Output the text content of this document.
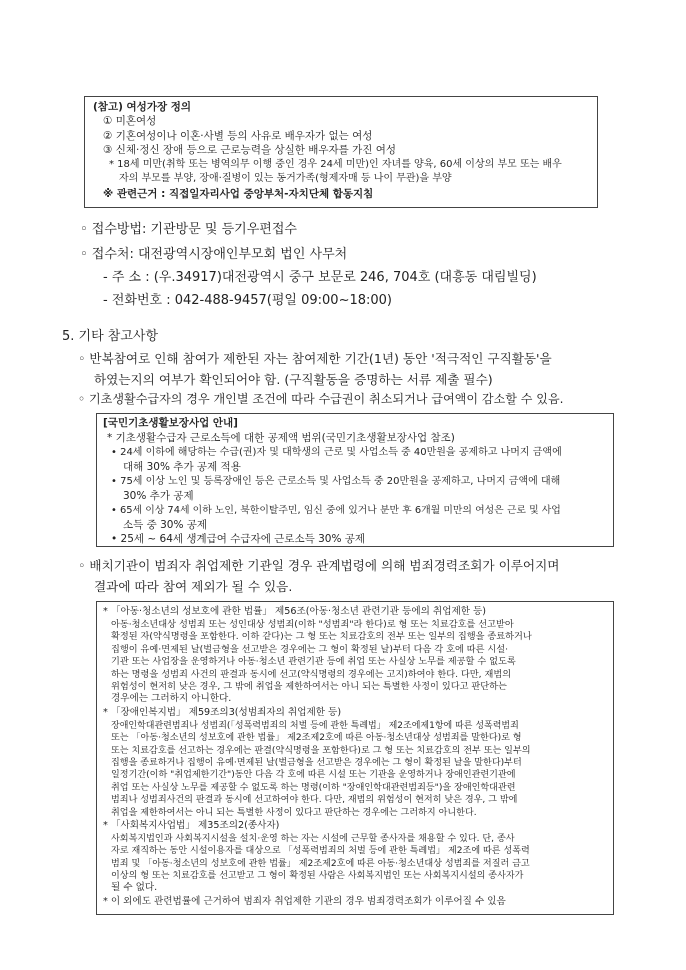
(참고) 여성가장 정의
① 미혼여성
② 기혼여성이나 이혼·사별 등의 사유로 배우자가 없는 여성
③ 신체·정신 장애 등으로 근로능력을 상실한 배우자를 가진 여성
* 18세 미만(취학 또는 병역의무 이행 중인 경우 24세 미만)인 자녀를 양육, 60세 이상의 부모 또는 배우
자의 부모를 부양, 장애·질병이 있는 동거가족(형제자매 등 나이 무관)을 부양
※ 관련근거 : 직접일자리사업 중앙부처-자치단체 합동지침
◦ 접수방법: 기관방문 및 등기우편접수
◦ 접수처: 대전광역시장애인부모회 법인 사무처
- 주 소 : (우.34917)대전광역시 중구 보문로 246, 704호 (대흥동 대림빌딩)
- 전화번호 : 042-488-9457(평일 09:00~18:00)
5. 기타 참고사항
◦ 반복참여로 인해 참여가 제한된 자는 참여제한 기간(1년) 동안 '적극적인 구직활동'을
하였는지의 여부가 확인되어야 함. (구직활동을 증명하는 서류 제출 필수)
◦ 기초생활수급자의 경우 개인별 조건에 따라 수급권이 취소되거나 급여액이 감소할 수 있음.
[국민기초생활보장사업 안내]
* 기초생활수급자 근로소득에 대한 공제액 범위(국민기초생활보장사업 참조)
• 24세 이하에 해당하는 수급(권)자 및 대학생의 근로 및 사업소득 중 40만원을 공제하고 나머지 금액에
대해 30% 추가 공제 적용
• 75세 이상 노인 및 등록장애인 등은 근로소득 및 사업소득 중 20만원을 공제하고, 나머지 금액에 대해
30% 추가 공제
• 65세 이상 74세 이하 노인, 북한이탈주민, 임신 중에 있거나 분만 후 6개월 미만의 여성은 근로 및 사업
소득 중 30% 공제
• 25세 ~ 64세 생계급여 수급자에 근로소득 30% 공제
◦ 배치기관이 범죄자 취업제한 기관일 경우 관계법령에 의해 범죄경력조회가 이루어지며
결과에 따라 참여 제외가 될 수 있음.
* 「아동·청소년의 성보호에 관한 법률」 제56조(아동·청소년 관련기관 등에의 취업제한 등)
아동·청소년대상 성범죄 또는 성인대상 성범죄(이하 "성범죄"라 한다)로 형 또는 치료감호를 선고받아
확정된 자(약식명령을 포함한다. 이하 같다)는 그 형 또는 치료감호의 전부 또는 일부의 집행을 종료하거나
집행이 유예·면제된 날(벌금형을 선고받은 경우에는 그 형이 확정된 날)부터 다음 각 호에 따른 시설·
기관 또는 사업장을 운영하거나 아동·청소년 관련기관 등에 취업 또는 사실상 노무를 제공할 수 없도록
하는 명령을 성범죄 사건의 판결과 동시에 선고(약식명령의 경우에는 고지)하여야 한다. 다만, 재범의
위험성이 현저히 낮은 경우, 그 밖에 취업을 제한하여서는 아니 되는 특별한 사정이 있다고 판단하는
경우에는 그러하지 아니한다.
* 「장애인복지법」 제59조의3(성범죄자의 취업제한 등)
장애인학대관련범죄나 성범죄(「성폭력범죄의 처벌 등에 관한 특례법」 제2조에제1항에 따른 성폭력범죄
또는 「아동·청소년의 성보호에 관한 법률」 제2조제2호에 따른 아동·청소년대상 성범죄를 말한다)로 형
또는 치료감호를 선고하는 경우에는 판결(약식명령을 포함한다)로 그 형 또는 치료감호의 전부 또는 일부의
집행을 종료하거나 집행이 유예·면제된 날(벌금형을 선고받은 경우에는 그 형이 확정된 날을 말한다)부터
일정기간(이하 "취업제한기간")동안 다음 각 호에 따른 시설 또는 기관을 운영하거나 장애인관련기관에
취업 또는 사실상 노무를 제공할 수 없도록 하는 명령(이하 "장애인학대관련범죄등")을 장애인학대관련
범죄나 성범죄사건의 판결과 동시에 선고하여야 한다. 다만, 재범의 위험성이 현저히 낮은 경우, 그 밖에
취업을 제한하여서는 아니 되는 특별한 사정이 있다고 판단하는 경우에는 그러하지 아니한다.
* 「사회복지사업법」 제35조의2(종사자)
사회복지법인과 사회복지시설을 설치·운영 하는 자는 시설에 근무할 종사자를 채용할 수 있다. 단, 종사
자로 재직하는 동안 시설이용자를 대상으로 「성폭력범죄의 처벌 등에 관한 특례법」 제2조에 따른 성폭력
범죄 및 「아동·청소년의 성보호에 관한 법률」 제2조제2호에 따른 아동·청소년대상 성범죄를 저질러 금고
이상의 형 또는 치료감호를 선고받고 그 형이 확정된 사람은 사회복지법인 또는 사회복지시설의 종사자가
될 수 없다.
* 이 외에도 관련법률에 근거하여 범죄자 취업제한 기관의 경우 범죄경력조회가 이루어질 수 있음
